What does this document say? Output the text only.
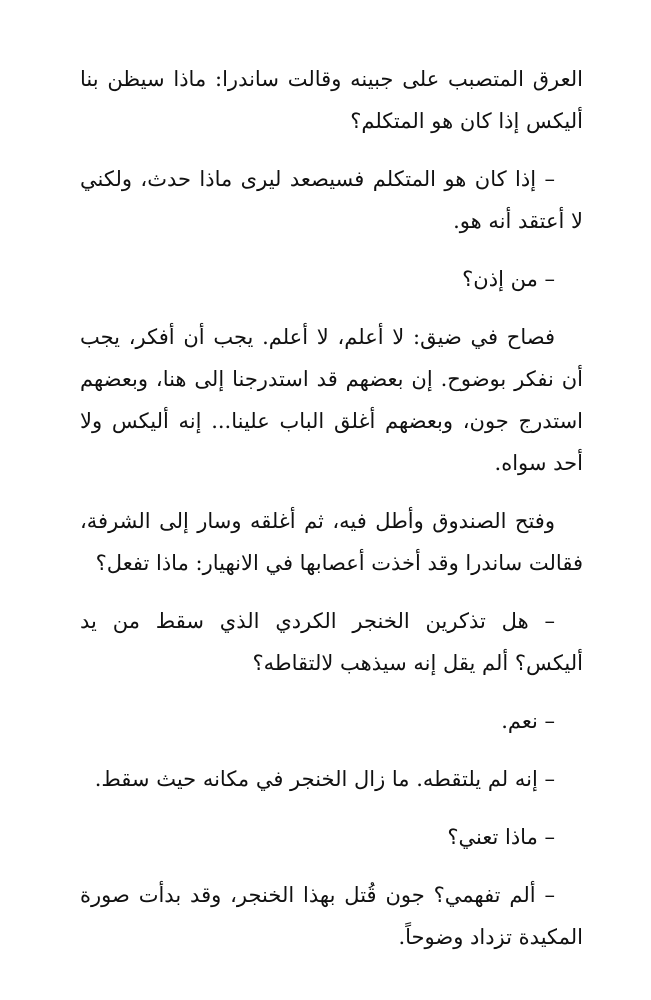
العرق المتصبب على جبينه وقالت ساندرا: ماذا سيظن بنا أليكس إذا كان هو المتكلم؟

– إذا كان هو المتكلم فسيصعد ليرى ماذا حدث، ولكني لا أعتقد أنه هو.

– من إذن؟

فصاح في ضيق: لا أعلم، لا أعلم. يجب أن أفكر، يجب أن نفكر بوضوح. إن بعضهم قد استدرجنا إلى هنا، وبعضهم استدرج جون، وبعضهم أغلق الباب علينا... إنه أليكس ولا أحد سواه.

وفتح الصندوق وأطل فيه، ثم أغلقه وسار إلى الشرفة، فقالت ساندرا وقد أخذت أعصابها في الانهيار: ماذا تفعل؟

– هل تذكرين الخنجر الكردي الذي سقط من يد أليكس؟ ألم يقل إنه سيذهب لالتقاطه؟

– نعم.

– إنه لم يلتقطه. ما زال الخنجر في مكانه حيث سقط.

– ماذا تعني؟

– ألم تفهمي؟ جون قُتل بهذا الخنجر، وقد بدأت صورة المكيدة تزداد وضوحاً.
